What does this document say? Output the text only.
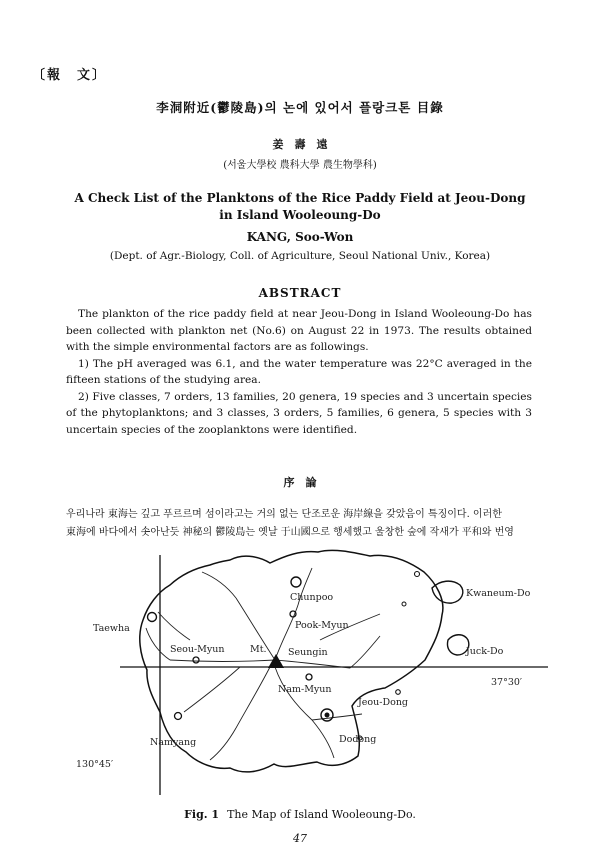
〔報　文〕
李洞附近(鬱陵島)의 논에 있어서 플랑크톤 目錄
姜　壽　遠
(서울大學校 農科大學 農生物學科)
A Check List of the Planktons of the Rice Paddy Field at Jeou-Dong
in Island Wooleoung-Do
KANG, Soo-Won
(Dept. of Agr.-Biology, Coll. of Agriculture, Seoul National Univ., Korea)
ABSTRACT

The plankton of the rice paddy field at near Jeou-Dong in Island Wooleoung-Do has been collected with plankton net (No.6) on August 22 in 1973. The results obtained with the simple environmental factors are as followings.

1) The pH averaged was 6.1, and the water temperature was 22°C averaged in the fifteen stations of the studying area.

2) Five classes, 7 orders, 13 families, 20 genera, 19 species and 3 uncertain species of the phytoplanktons; and 3 classes, 3 orders, 5 families, 6 genera, 5 species with 3 uncertain species of the zooplanktons were identified.

序　論

우리나라 東海는 깊고 푸르르며 섬이라고는 거의 없는 단조로운 海岸線을 갖았음이 특징이다. 이러한

東海에 바다에서 솟아난듯 神秘의 鬱陵島는 옛날 于山國으로 행세했고 울창한 숲에 작새가 平和와 번영

Chunpoo
Pook-Myun
Kwaneum-Do
Taewha
Seou-Myun	Mt. Seungin	Juck-Do
37°30′
Nam-Myun
Jeou-Dong
Namyang	Dodong
130°45′
Fig. 1 The Map of Island Wooleoung-Do.
47
